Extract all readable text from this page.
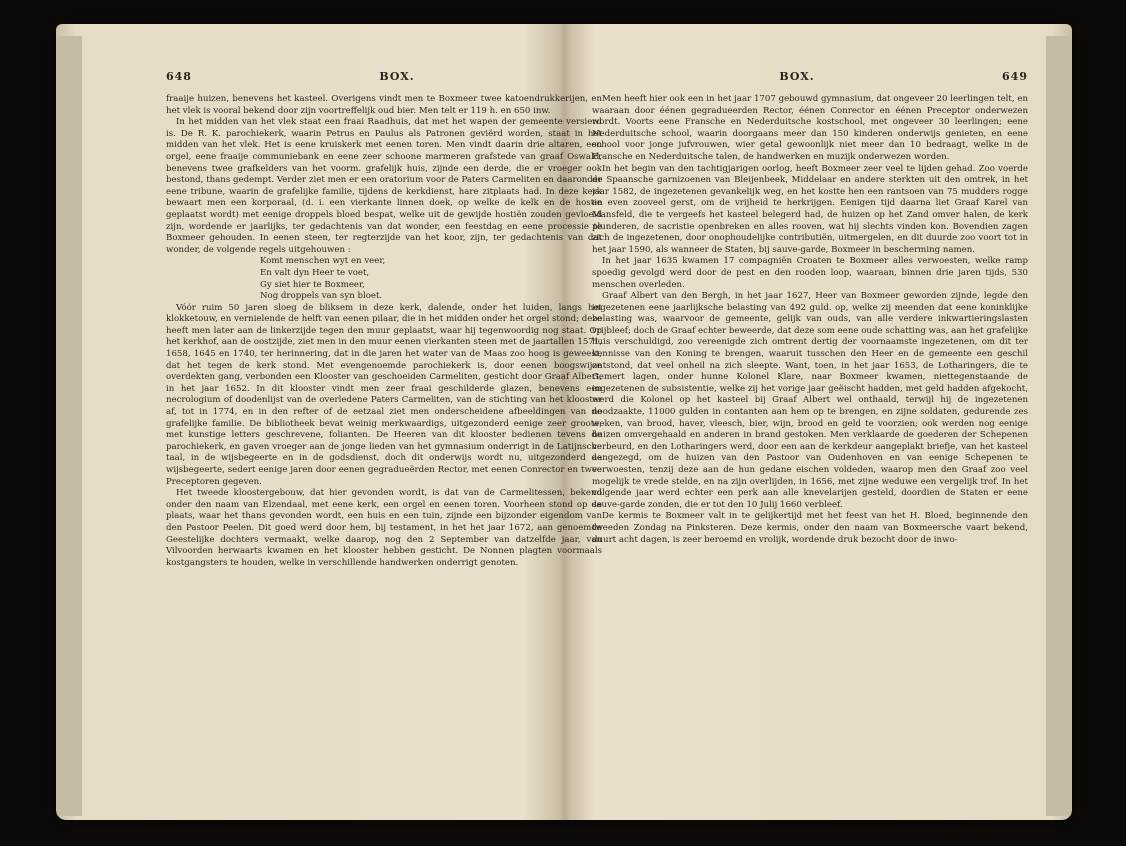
648	BOX.

fraaije huizen, benevens het kasteel. Overigens vindt men te Boxmeer twee katoendrukkerijen, en het vlek is vooral bekend door zijn voortreffelijk oud bier. Men telt er 119 h. en 650 inw.

In het midden van het vlek staat een fraai Raadhuis, dat met het wapen der gemeente versierd is. De R. K. parochiekerk, waarin Petrus en Paulus als Patronen geviërd worden, staat in het midden van het vlek. Het is eene kruiskerk met eenen toren. Men vindt daarin drie altaren, een orgel, eene fraaije communiebank en eene zeer schoone marmeren grafstede van graaf Oswald, benevens twee grafkelders van het voorm. grafelijk huis, zijnde een derde, die er vroeger ook bestond, thans gedempt. Verder ziet men er een oratorium voor de Paters Carmeliten en daaronder eene tribune, waarin de grafelijke familie, tijdens de kerkdienst, hare zitplaats had. In deze kerk bewaart men een korporaal, (d. i. een vierkante linnen doek, op welke de kelk en de hostie geplaatst wordt) met eenige droppels bloed bespat, welke uit de gewijde hostiën zouden gevloeid zijn, wordende er jaarlijks, ter gedachtenis van dat wonder, een feestdag en eene processie te Boxmeer gehouden. In eenen steen, ter regterzijde van het koor, zijn, ter gedachtenis van dat wonder, de volgende regels uitgehouwen :

Komt menschen wyt en veer,
En valt dyn Heer te voet,
Gy siet hier te Boxmeer,
Nog droppels van syn bloet.

Vóór ruim 50 jaren sloeg de bliksem in deze kerk, dalende, onder het luiden, langs het klokketouw, en vernielende de helft van eenen pilaar, die in het midden onder het orgel stond; deze heeft men later aan de linkerzijde tegen den muur geplaatst, waar hij tegenwoordig nog staat. Op het kerkhof, aan de oostzijde, ziet men in den muur eenen vierkanten steen met de jaartallen 1571, 1658, 1645 en 1740, ter herinnering, dat in die jaren het water van de Maas zoo hoog is geweest, dat het tegen de kerk stond. Met evengenoemde parochiekerk is, door eenen boogswijze overdekten gang, verbonden een Klooster van geschoeiden Carmeliten, gesticht door Graaf Albert, in het jaar 1652. In dit klooster vindt men zeer fraai geschilderde glazen, benevens een necrologium of doodenlijst van de overledene Paters Carmeliten, van de stichting van het klooster af, tot in 1774, en in den refter of de eetzaal ziet men onderscheidene afbeeldingen van de grafelijke familie. De bibliotheek bevat weinig merkwaardigs, uitgezonderd eenige zeer groote, met kunstige letters geschrevene, folianten. De Heeren van dit klooster bedienen tevens de parochiekerk, en gaven vroeger aan de jonge lieden van het gymnasium onderrigt in de Latijnsche taal, in de wijsbegeerte en in de godsdienst, doch dit onderwijs wordt nu, uitgezonderd de wijsbegeerte, sedert eenige jaren door eenen gegradueërden Rector, met eenen Conrector en twee Preceptoren gegeven.

Het tweede kloostergebouw, dat hier gevonden wordt, is dat van de Carmelitessen, bekend onder den naam van Elzendaal, met eene kerk, een orgel en eenen toren. Voorheen stond op de plaats, waar het thans gevonden wordt, een huis en een tuin, zijnde een bijzonder eigendom van den Pastoor Peelen. Dit goed werd door hem, bij testament, in het het jaar 1672, aan genoemde Geestelijke dochters vermaakt, welke daarop, nog den 2 September van datzelfde jaar, van Vilvoorden herwaarts kwamen en het klooster hebben gesticht. De Nonnen plagten voormaals kostgangsters te houden, welke in verschillende handwerken onderrigt genoten.

BOX.	649

Men heeft hier ook een in het jaar 1707 gebouwd gymnasium, dat ongeveer 20 leerlingen telt, en waaraan door éénen gegradueerden Rector, éénen Conrector en éénen Preceptor onderwezen wordt. Voorts eene Fransche en Nederduitsche kostschool, met ongeveer 30 leerlingen; eene Nederduitsche school, waarin doorgaans meer dan 150 kinderen onderwijs genieten, en eene school voor jonge jufvrouwen, wier getal gewoonlijk niet meer dan 10 bedraagt, welke in de Fransche en Nederduitsche talen, de handwerken en muzijk onderwezen worden.

In het begin van den tachtigjarigen oorlog, heeft Boxmeer zeer veel te lijden gehad. Zoo voerde de Spaansche garnizoenen van Bleijenbeek, Middelaar en andere sterkten uit den omtrek, in het jaar 1582, de ingezetenen gevankelijk weg, en het kostte hen een rantsoen van 75 mudders rogge en even zooveel gerst, om de vrijheid te herkrijgen. Eenigen tijd daarna liet Graaf Karel van Mansfeld, die te vergeefs het kasteel belegerd had, de huizen op het Zand omver halen, de kerk plunderen, de sacristie openbreken en alles rooven, wat hij slechts vinden kon. Bovendien zagen zich de ingezetenen, door onophoudelijke contributiën, uitmergelen, en dit duurde zoo voort tot in het jaar 1590, als wanneer de Staten, bij sauve-garde, Boxmeer in bescherming namen.

In het jaar 1635 kwamen 17 compagniën Croaten te Boxmeer alles verwoesten, welke ramp spoedig gevolgd werd door de pest en den rooden loop, waaraan, binnen drie jaren tijds, 530 menschen overleden.

Graaf Albert van den Bergh, in het jaar 1627, Heer van Boxmeer geworden zijnde, legde den ingezetenen eene jaarlijksche belasting van 492 guld. op, welke zij meenden dat eene koninklijke belasting was, waarvoor de gemeente, gelijk van ouds, van alle verdere inkwartieringslasten vrijbleef; doch de Graaf echter beweerde, dat deze som eene oude schatting was, aan het grafelijke huis verschuldigd, zoo vereenigde zich omtrent dertig der voornaamste ingezetenen, om dit ter kennisse van den Koning te brengen, waaruit tusschen den Heer en de gemeente een geschil ontstond, dat veel onheil na zich sleepte. Want, toen, in het jaar 1653, de Lotharingers, die te Gemert lagen, onder hunne Kolonel Klare, naar Boxmeer kwamen, niettegenstaande de ingezetenen de subsistentie, welke zij het vorige jaar geëischt hadden, met geld hadden afgekocht, werd die Kolonel op het kasteel bij Graaf Albert wel onthaald, terwijl hij de ingezetenen noodzaakte, 11000 gulden in contanten aan hem op te brengen, en zijne soldaten, gedurende zes weken, van brood, haver, vleesch, bier, wijn, brood en geld te voorzien; ook werden nog eenige huizen omvergehaald en anderen in brand gestoken. Men verklaarde de goederen der Schepenen verbeurd, en den Lotharingers werd, door een aan de kerkdeur aangeplakt briefje, van het kasteel aangezegd, om de huizen van den Pastoor van Oudenhoven en van eenige Schepenen te verwoesten, tenzij deze aan de hun gedane eischen voldeden, waarop men den Graaf zoo veel mogelijk te vrede stelde, en na zijn overlijden, in 1656, met zijne weduwe een vergelijk trof. In het volgende jaar werd echter een perk aan alle knevelarijen gesteld, doordien de Staten er eene sauve-garde zonden, die er tot den 10 Julij 1660 verbleef.

De kermis te Boxmeer valt in te gelijkertijd met het feest van het H. Bloed, beginnende den tweeden Zondag na Pinksteren. Deze kermis, onder den naam van Boxmeersche vaart bekend, duurt acht dagen, is zeer beroemd en vrolijk, wordende druk bezocht door de inwo-
